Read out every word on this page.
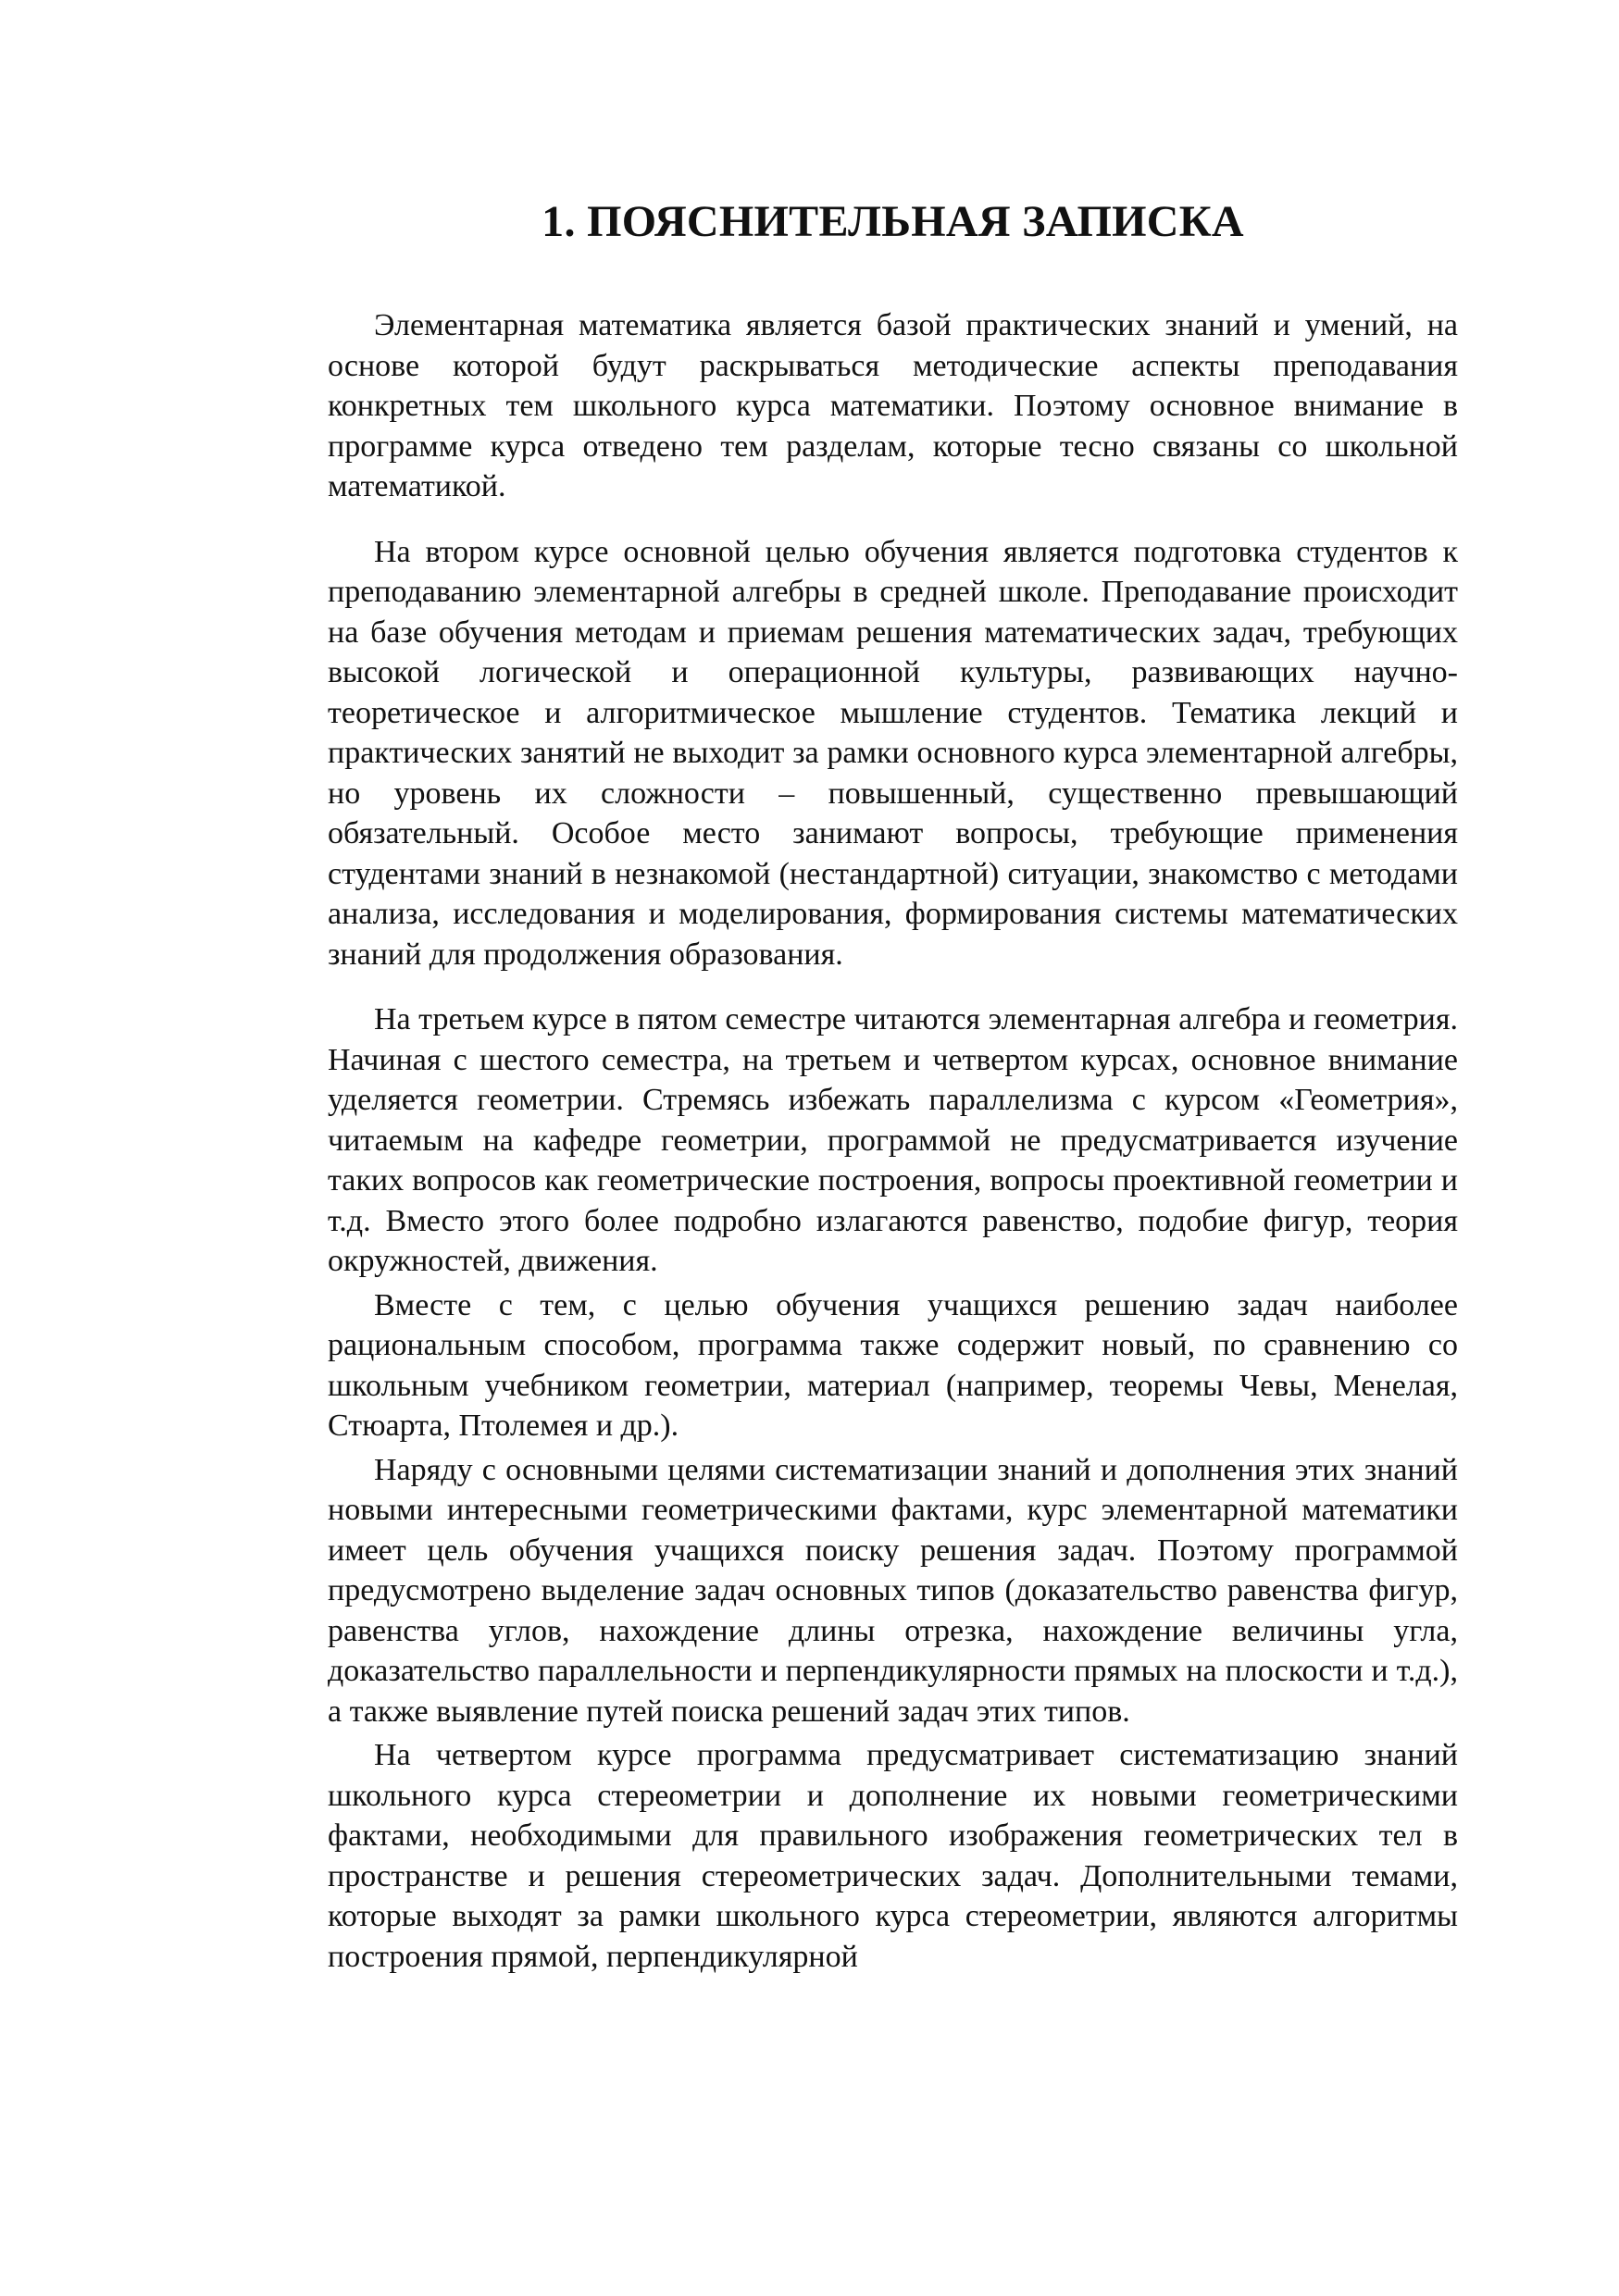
1. ПОЯСНИТЕЛЬНАЯ ЗАПИСКА

Элементарная математика является базой практических знаний и умений, на основе которой будут раскрываться методические аспекты преподавания конкретных тем школьного курса математики. Поэтому основное внимание в программе курса отведено тем разделам, которые тесно связаны со школьной математикой.

На втором курсе основной целью обучения является подготовка студентов к преподаванию элементарной алгебры в средней школе. Преподавание происходит на базе обучения методам и приемам решения математических задач, требующих высокой логической и операционной культуры, развивающих научно-теоретическое и алгоритмическое мышление студентов. Тематика лекций и практических занятий не выходит за рамки основного курса элементарной алгебры, но уровень их сложности – повышенный, существенно превышающий обязательный. Особое место занимают вопросы, требующие применения студентами знаний в незнакомой (нестандартной) ситуации, знакомство с методами анализа, исследования и моделирования, формирования системы математических знаний для продолжения образования.

На третьем курсе в пятом семестре читаются элементарная алгебра и геометрия. Начиная с шестого семестра, на третьем и четвертом курсах, основное внимание уделяется геометрии. Стремясь избежать параллелизма с курсом «Геометрия», читаемым на кафедре геометрии, программой не предусматривается изучение таких вопросов как геометрические построения, вопросы проективной геометрии и т.д. Вместо этого более подробно излагаются равенство, подобие фигур, теория окружностей, движения.

Вместе с тем, с целью обучения учащихся решению задач наиболее рациональным способом, программа также содержит новый, по сравнению со школьным учебником геометрии, материал (например, теоремы Чевы, Менелая, Стюарта, Птолемея и др.).

Наряду с основными целями систематизации знаний и дополнения этих знаний новыми интересными геометрическими фактами, курс элементарной математики имеет цель обучения учащихся поиску решения задач. Поэтому программой предусмотрено выделение задач основных типов (доказательство равенства фигур, равенства углов, нахождение длины отрезка, нахождение величины угла, доказательство параллельности и перпендикулярности прямых на плоскости и т.д.), а также выявление путей поиска решений задач этих типов.

На четвертом курсе программа предусматривает систематизацию знаний школьного курса стереометрии и дополнение их новыми геометрическими фактами, необходимыми для правильного изображения геометрических тел в пространстве и решения стереометрических задач. Дополнительными темами, которые выходят за рамки школьного курса стереометрии, являются алгоритмы построения прямой, перпендикулярной
